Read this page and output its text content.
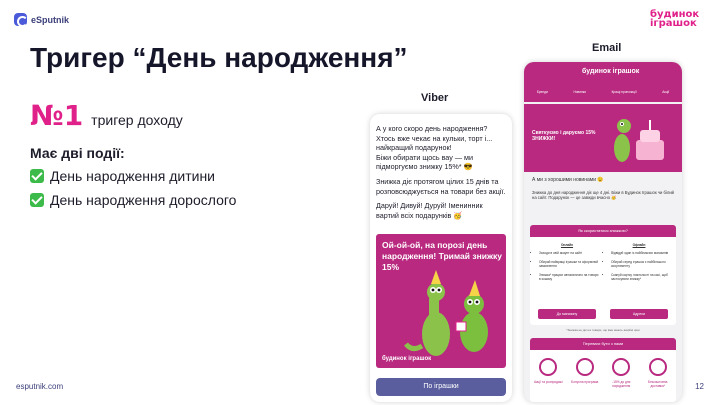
eSputnik	будинок іграшок
Тригер “День народження”
№1 тригер доходу
Має дві події:
День народження дитини
День народження дорослого
Viber

А у кого скоро день народження? Хтось вже чекає на кульки, торт і... найкращий подарунок!
Біжи обирати щось вау — ми підморгуємо знижку 15%* 😎

Знижка діє протягом цілих 15 днів та розповсюджується на товари без акції.

Даруй! Дивуй! Дуруй! Іменинник вартий всіх подарунків 🥳

Ой-ой-ой, на порозі день народження! Тримай знижку 15%
будинок іграшок
По іграшки
Email
будинок іграшок
Бренди	Новинки	Кращі пропозиції	Акції
Святкуємо і даруємо 15% ЗНИЖКИ!
А ми з хорошими новинами 😉
Знижка до дня народження діє ще 4 дні. Біжи в Будинок Іграшок чи білий на сайт. Подарунок — це завжди вчасно 🥳
Як скористатися знижкою?
Онлайн
• Заходи в свій акаунт на сайті
• Обирай найкращі іграшки та оформлюй замовлення
• Знижка* працює автоматично на товари в кошику
Офлайн
• Відвідуй один із найближчих магазинів
• Обирай серед іграшок з найбільшого асортименту
• Скануй картку лояльності на касі, щоб застосувати знижку*
До магазину	Адреси
*Знижка не діє на товари, що вже мають акційні ціни
Переваги бути з нами
Акції та розпродажі	Бонусна програма	-15% до дня народження
Безкоштовна доставка*
esputnik.com	12
